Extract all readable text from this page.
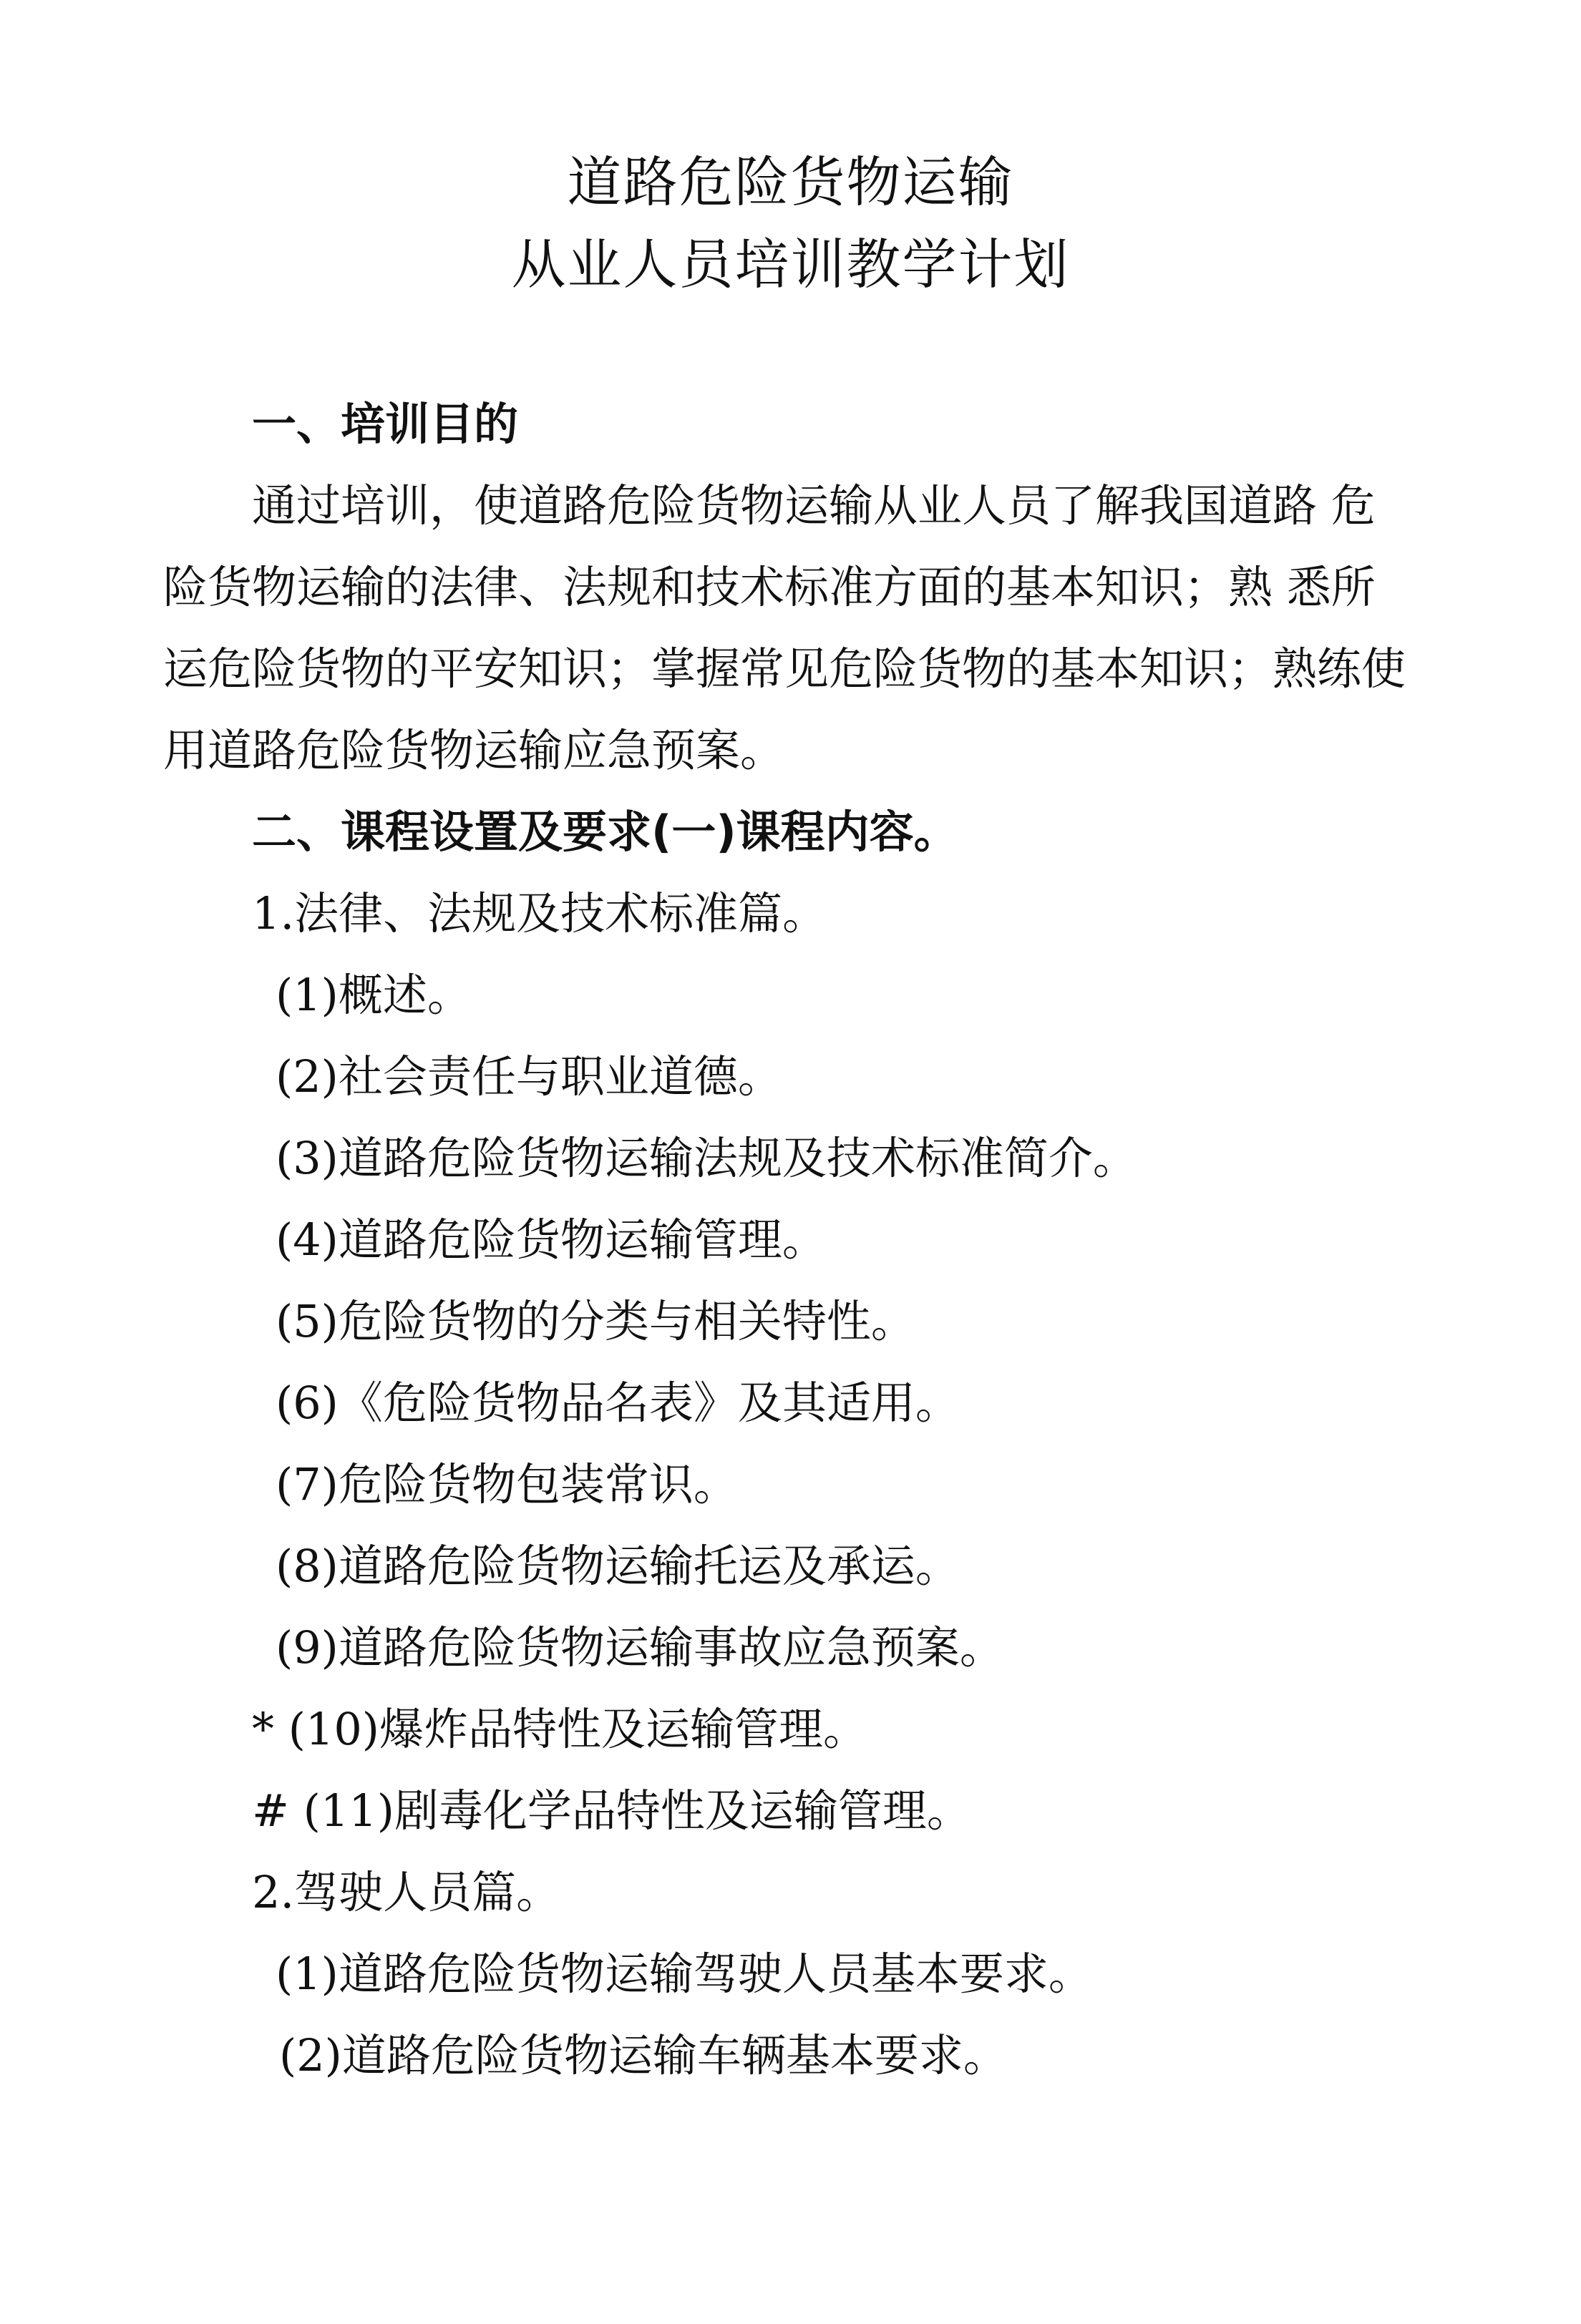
道路危险货物运输
从业人员培训教学计划
一、培训目的
通过培训，使道路危险货物运输从业人员了解我国道路 危
险货物运输的法律、法规和技术标准方面的基本知识；熟 悉所
运危险货物的平安知识；掌握常见危险货物的基本知识；熟练使
用道路危险货物运输应急预案。
二、课程设置及要求(一)课程内容。
1.法律、法规及技术标准篇。
(1)概述。
(2)社会责任与职业道德。
(3)道路危险货物运输法规及技术标准简介。
(4)道路危险货物运输管理。
(5)危险货物的分类与相关特性。
(6)《危险货物品名表》及其适用。
(7)危险货物包装常识。
(8)道路危险货物运输托运及承运。
(9)道路危险货物运输事故应急预案。
* (10)爆炸品特性及运输管理。
# (11)剧毒化学品特性及运输管理。
2.驾驶人员篇。
(1)道路危险货物运输驾驶人员基本要求。
(2)道路危险货物运输车辆基本要求。
